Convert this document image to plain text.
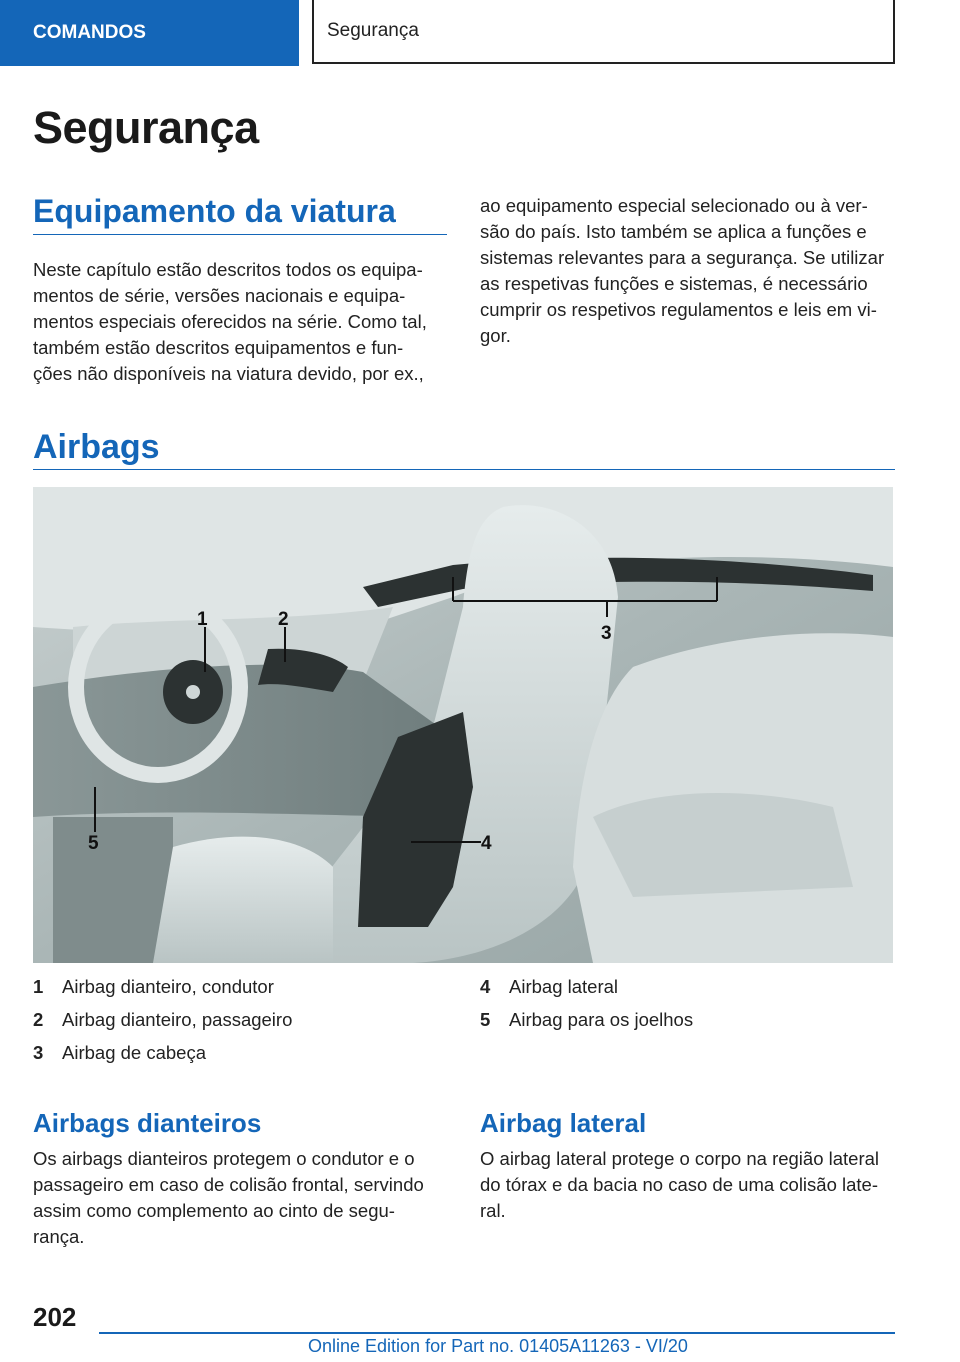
COMANDOS	Segurança
Segurança
Equipamento da viatura

Neste capítulo estão descritos todos os equipa-
mentos de série, versões nacionais e equipa-
mentos especiais oferecidos na série. Como tal,
também estão descritos equipamentos e fun-
ções não disponíveis na viatura devido, por ex.,

ao equipamento especial selecionado ou à ver-
são do país. Isto também se aplica a funções e
sistemas relevantes para a segurança. Se utilizar
as respetivas funções e sistemas, é necessário
cumprir os respetivos regulamentos e leis em vi-
gor.

Airbags
1	2
3
4
5
1	Airbag dianteiro, condutor
2	Airbag dianteiro, passageiro
3	Airbag de cabeça
4	Airbag lateral
5	Airbag para os joelhos
Airbags dianteiros

Os airbags dianteiros protegem o condutor e o
passageiro em caso de colisão frontal, servindo
assim como complemento ao cinto de segu-
rança.

Airbag lateral

O airbag lateral protege o corpo na região lateral
do tórax e da bacia no caso de uma colisão late-
ral.

202
Online Edition for Part no. 01405A11263 - VI/20
